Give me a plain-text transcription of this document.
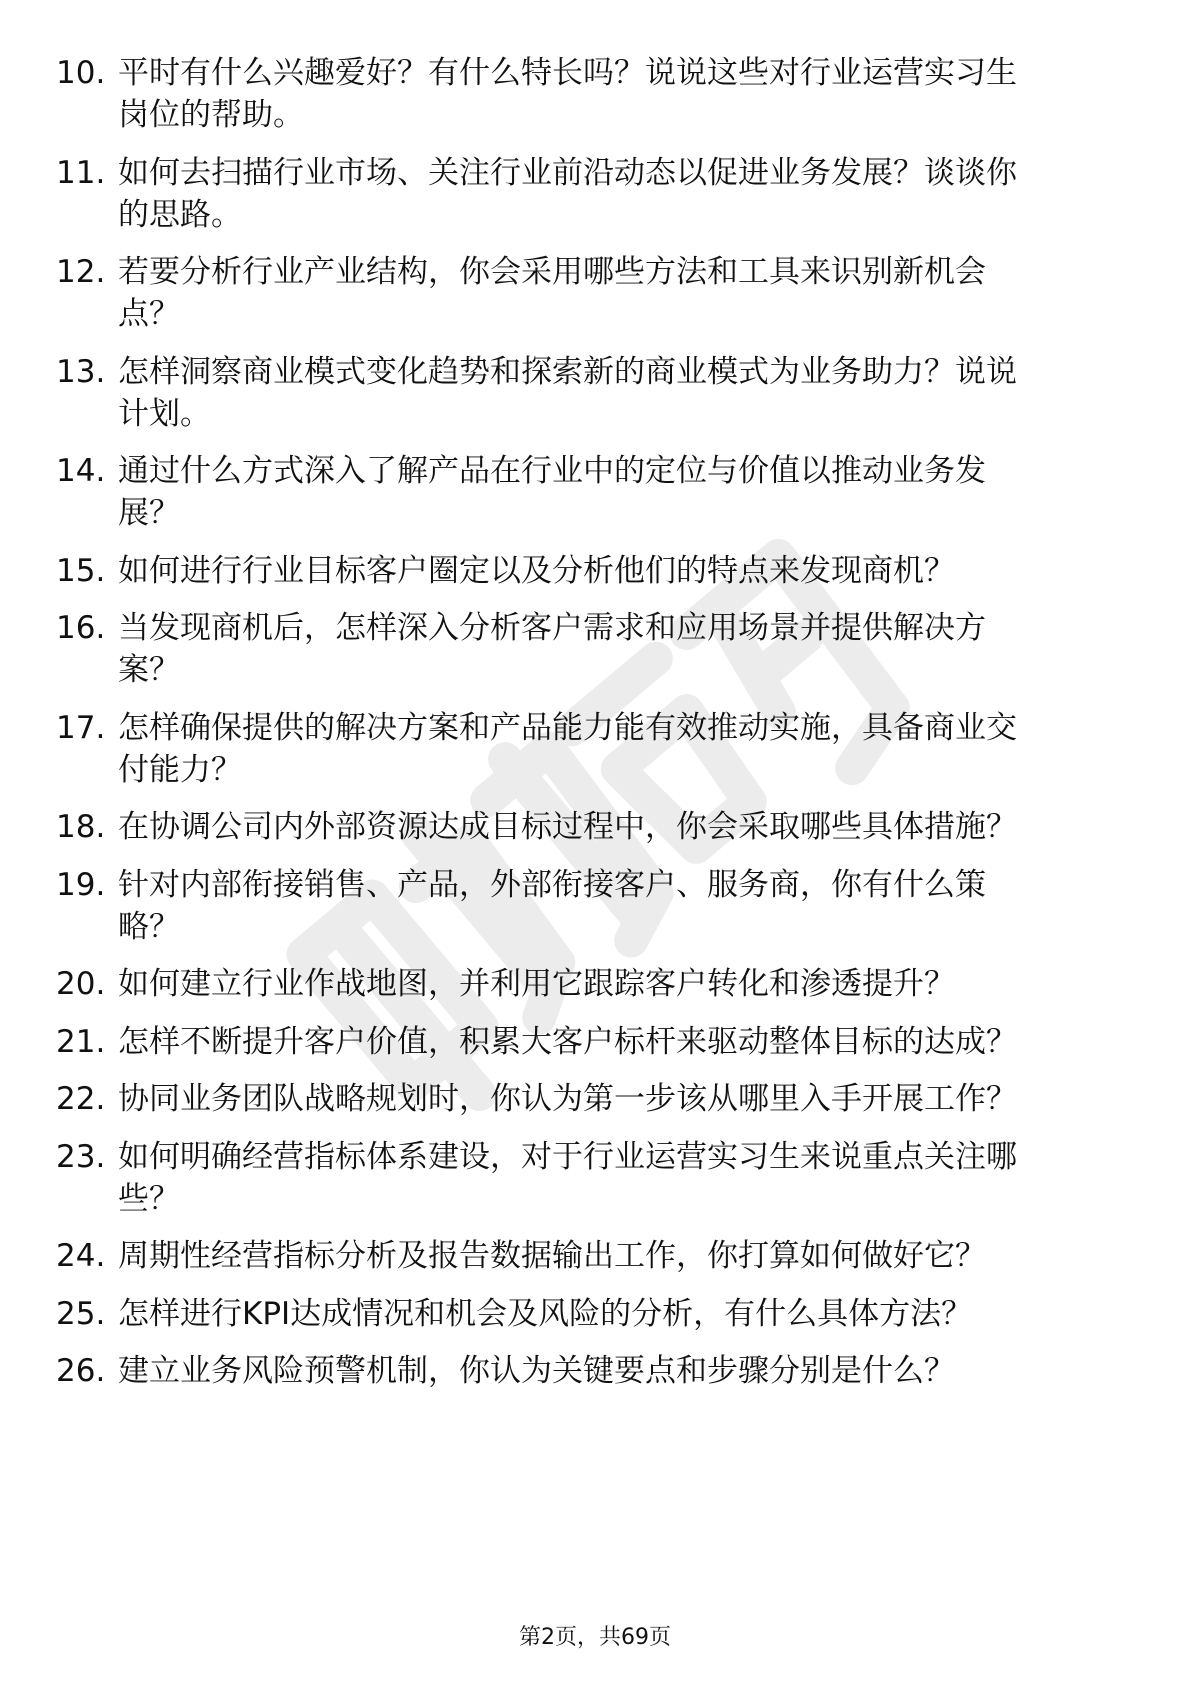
10. 平时有什么兴趣爱好？有什么特长吗？说说这些对行业运营实习生岗位的帮助。
11. 如何去扫描行业市场、关注行业前沿动态以促进业务发展？谈谈你的思路。
12. 若要分析行业产业结构，你会采用哪些方法和工具来识别新机会点？
13. 怎样洞察商业模式变化趋势和探索新的商业模式为业务助力？说说计划。
14. 通过什么方式深入了解产品在行业中的定位与价值以推动业务发展？
15. 如何进行行业目标客户圈定以及分析他们的特点来发现商机？
16. 当发现商机后，怎样深入分析客户需求和应用场景并提供解决方案？
17. 怎样确保提供的解决方案和产品能力能有效推动实施，具备商业交付能力？
18. 在协调公司内外部资源达成目标过程中，你会采取哪些具体措施？
19. 针对内部衔接销售、产品，外部衔接客户、服务商，你有什么策略？
20. 如何建立行业作战地图，并利用它跟踪客户转化和渗透提升？
21. 怎样不断提升客户价值，积累大客户标杆来驱动整体目标的达成？
22. 协同业务团队战略规划时，你认为第一步该从哪里入手开展工作？
23. 如何明确经营指标体系建设，对于行业运营实习生来说重点关注哪些？
24. 周期性经营指标分析及报告数据输出工作，你打算如何做好它？
25. 怎样进行KPI达成情况和机会及风险的分析，有什么具体方法？
26. 建立业务风险预警机制，你认为关键要点和步骤分别是什么？
第2页，共69页
